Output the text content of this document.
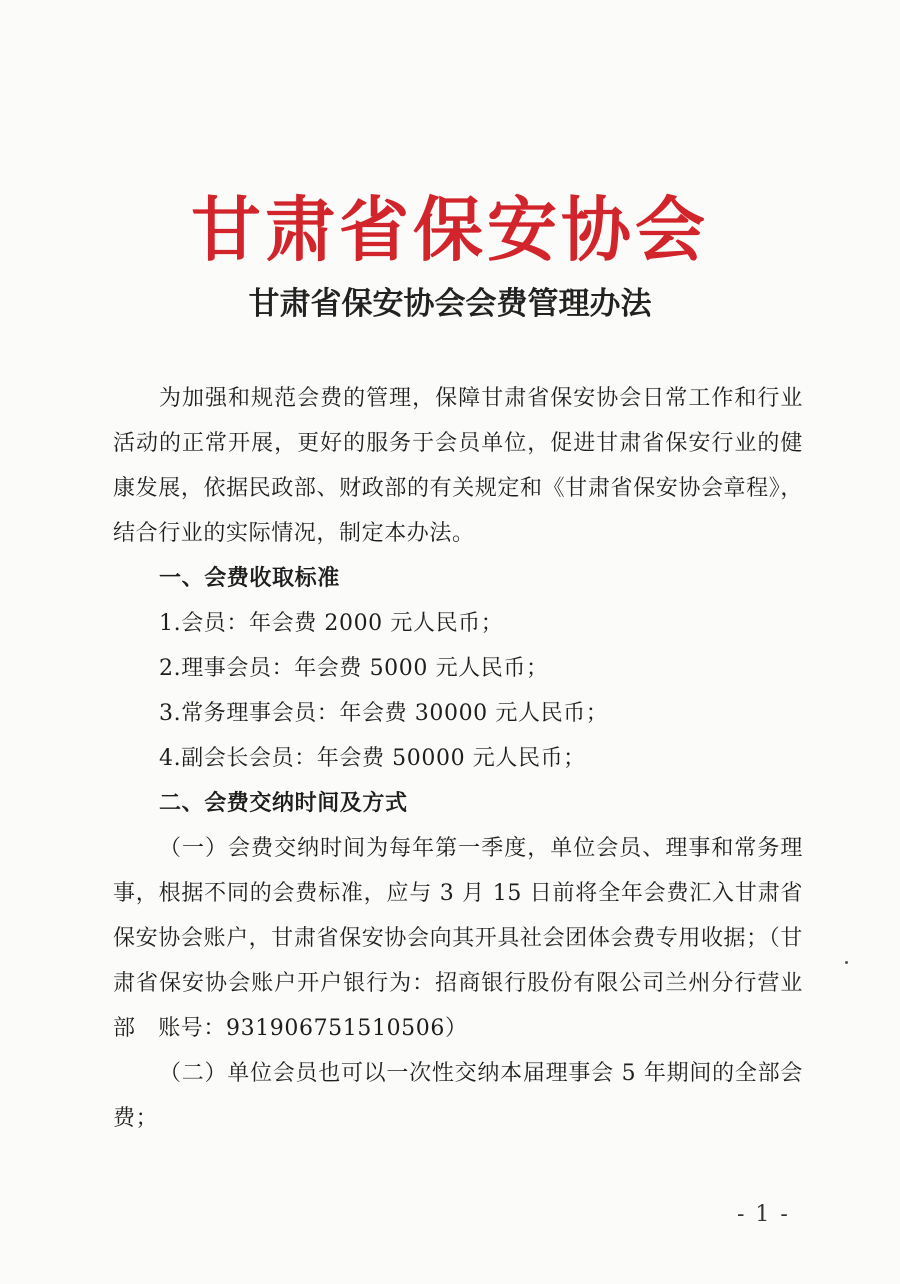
甘肃省保安协会
甘肃省保安协会会费管理办法

为加强和规范会费的管理，保障甘肃省保安协会日常工作和行业活动的正常开展，更好的服务于会员单位，促进甘肃省保安行业的健康发展，依据民政部、财政部的有关规定和《甘肃省保安协会章程》，结合行业的实际情况，制定本办法。

一、会费收取标准

1.会员：年会费 2000 元人民币；

2.理事会员：年会费 5000 元人民币；

3.常务理事会员：年会费 30000 元人民币；

4.副会长会员：年会费 50000 元人民币；

二、会费交纳时间及方式

（一）会费交纳时间为每年第一季度，单位会员、理事和常务理事，根据不同的会费标准，应与 3 月 15 日前将全年会费汇入甘肃省保安协会账户，甘肃省保安协会向其开具社会团体会费专用收据；（甘肃省保安协会账户开户银行为：招商银行股份有限公司兰州分行营业部　账号：931906751510506）

（二）单位会员也可以一次性交纳本届理事会 5 年期间的全部会费；

- 1 -
